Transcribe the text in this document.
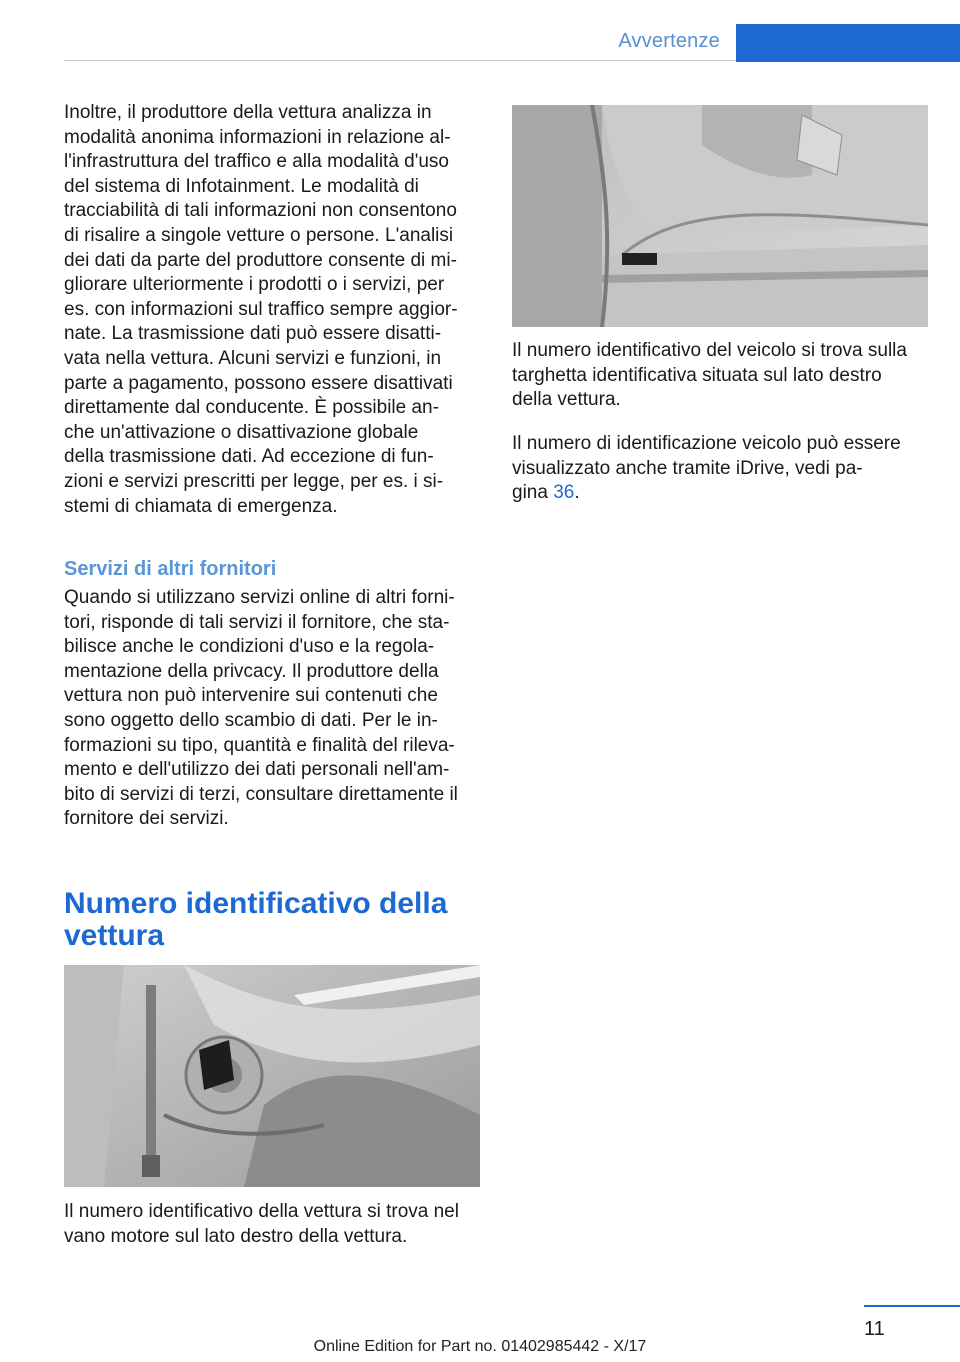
Avvertenze

Inoltre, il produttore della vettura analizza in

modalità anonima informazioni in relazione al-

l'infrastruttura del traffico e alla modalità d'uso

del sistema di Infotainment. Le modalità di

tracciabilità di tali informazioni non consentono

di risalire a singole vetture o persone. L'analisi

dei dati da parte del produttore consente di mi-

gliorare ulteriormente i prodotti o i servizi, per

es. con informazioni sul traffico sempre aggior-

nate. La trasmissione dati può essere disatti-

vata nella vettura. Alcuni servizi e funzioni, in

parte a pagamento, possono essere disattivati

direttamente dal conducente. È possibile an-

che un'attivazione o disattivazione globale

della trasmissione dati. Ad eccezione di fun-

zioni e servizi prescritti per legge, per es. i si-

stemi di chiamata di emergenza.

Servizi di altri fornitori

Quando si utilizzano servizi online di altri forni-

tori, risponde di tali servizi il fornitore, che sta-

bilisce anche le condizioni d'uso e la regola-

mentazione della privcacy. Il produttore della

vettura non può intervenire sui contenuti che

sono oggetto dello scambio di dati. Per le in-

formazioni su tipo, quantità e finalità del rileva-

mento e dell'utilizzo dei dati personali nell'am-

bito di servizi di terzi, consultare direttamente il

fornitore dei servizi.

Numero identificativo della
vettura

Il numero identificativo della vettura si trova nel

vano motore sul lato destro della vettura.

Il numero identificativo del veicolo si trova sulla

targhetta identificativa situata sul lato destro

della vettura.

Il numero di identificazione veicolo può essere

visualizzato anche tramite iDrive, vedi pa-

gina 36.

11
Online Edition for Part no. 01402985442 - X/17
